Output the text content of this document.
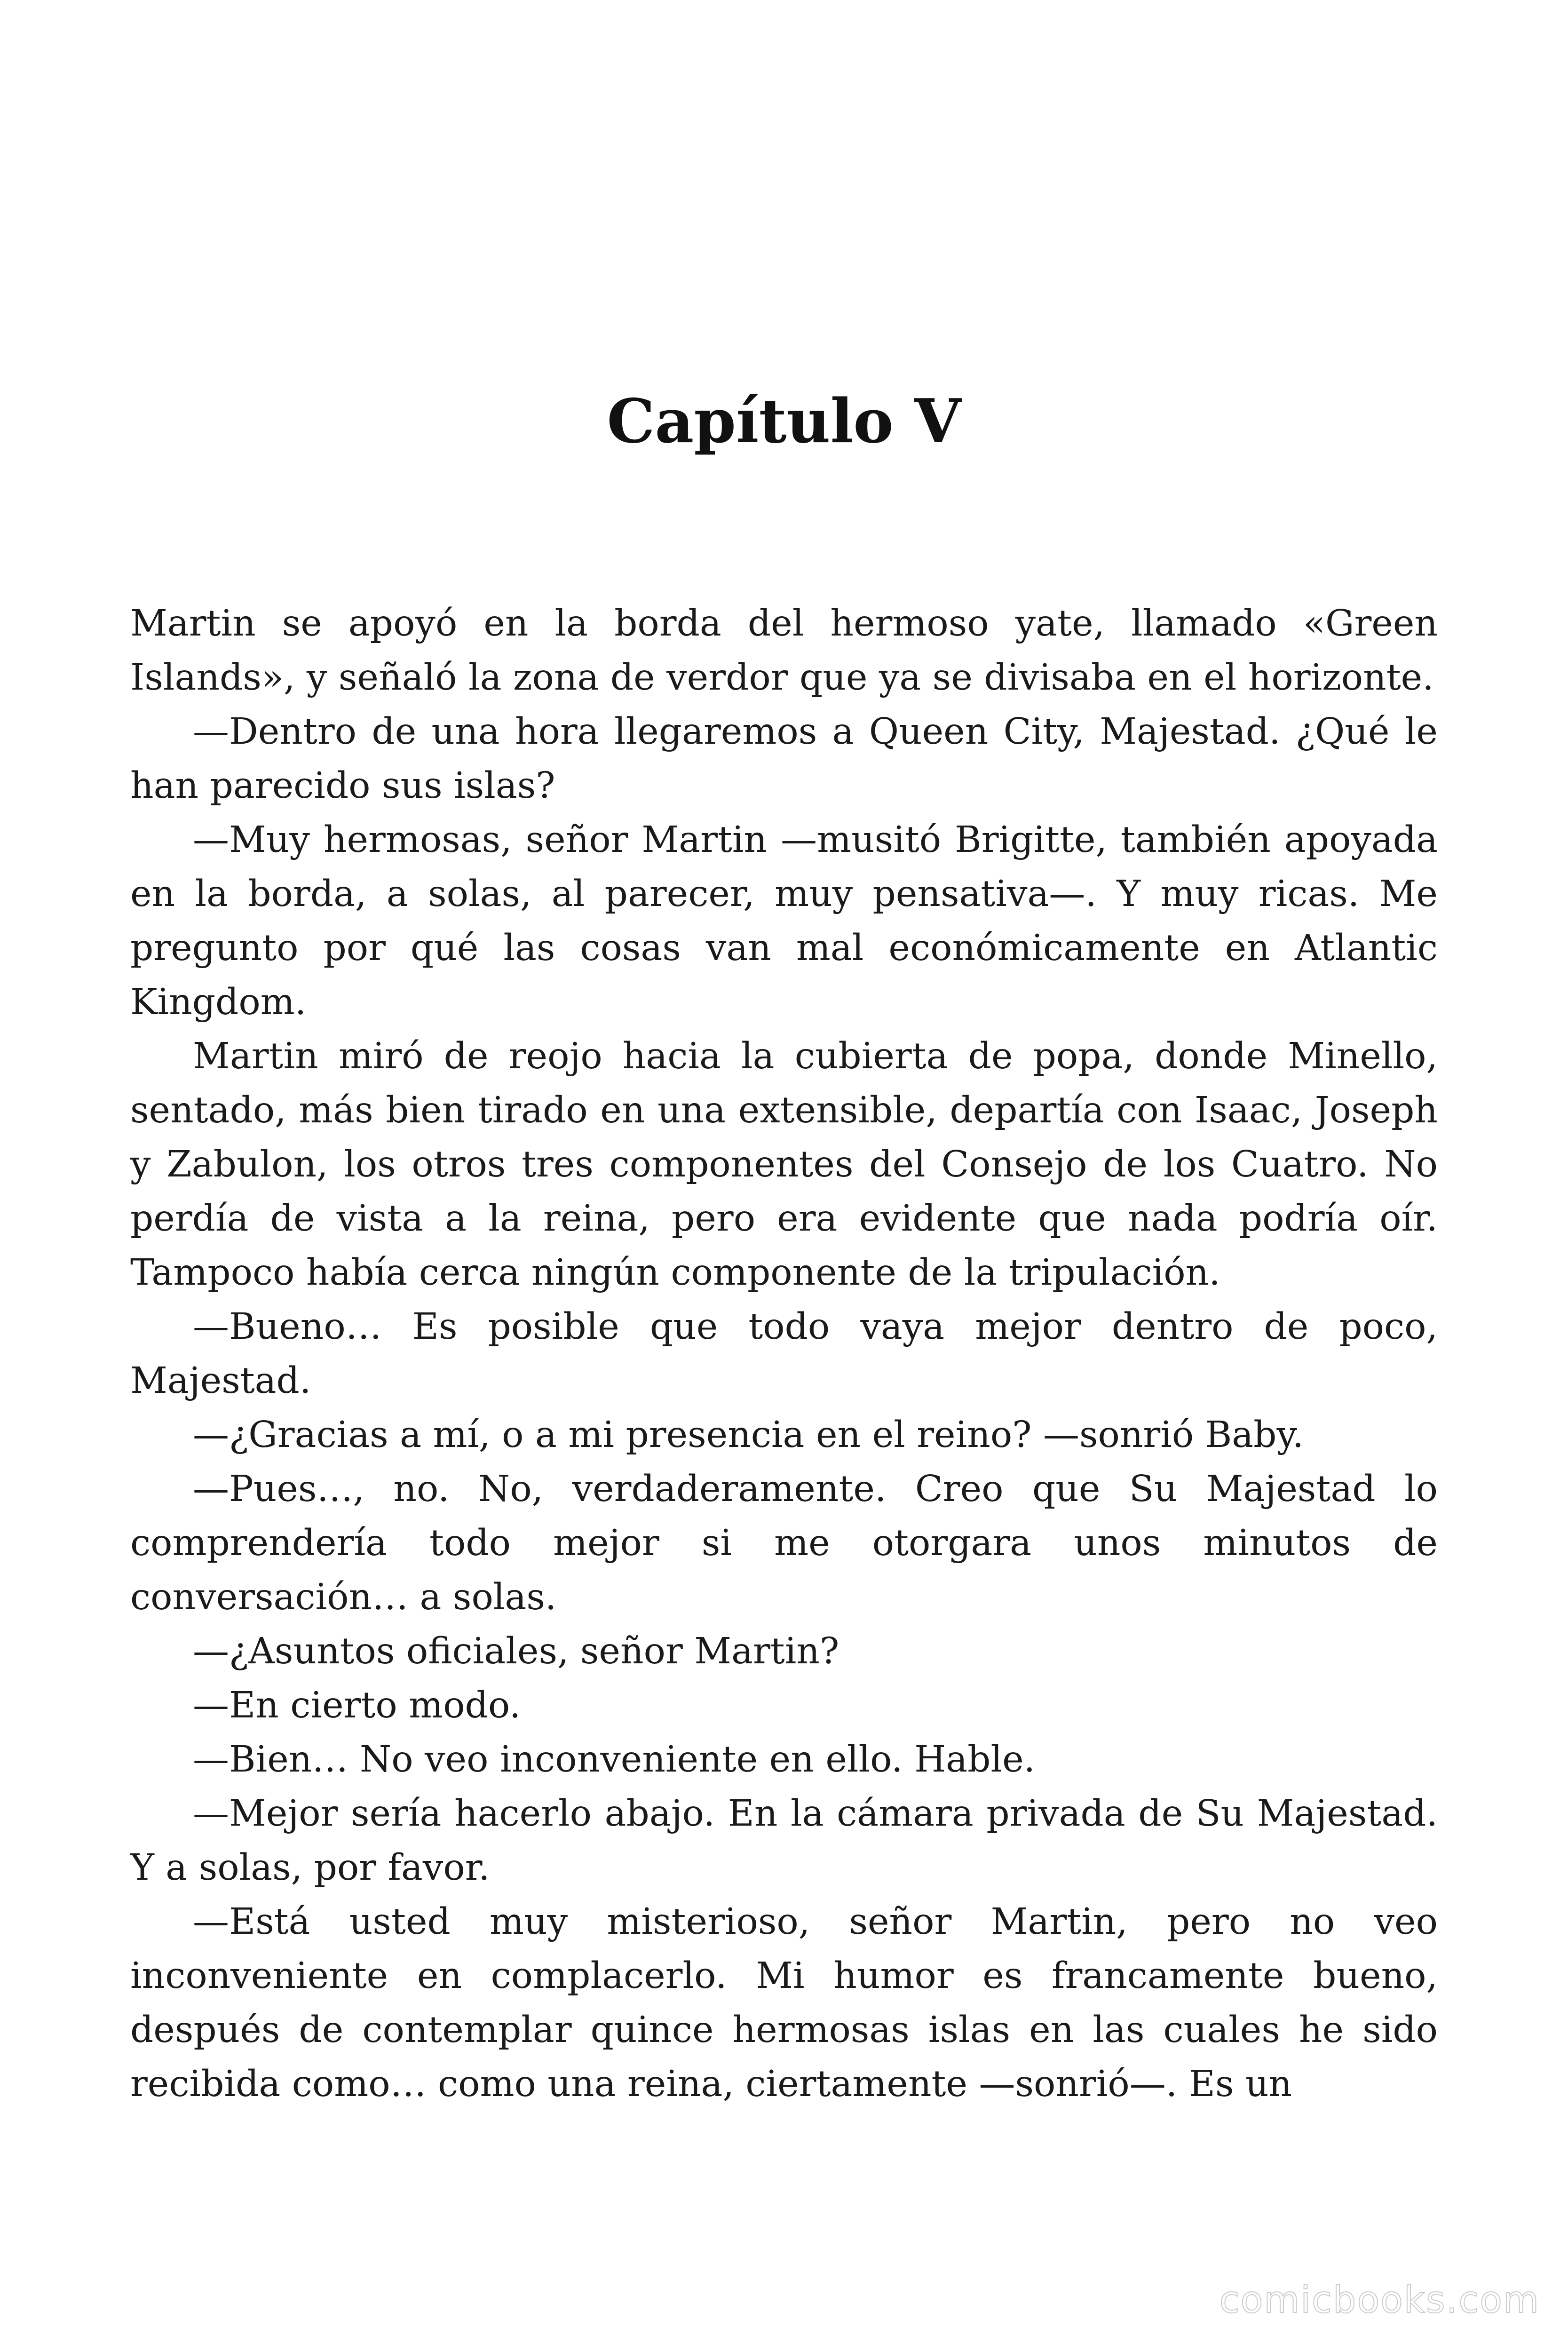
Capítulo V

Martin se apoyó en la borda del hermoso yate, llamado «Green Islands», y señaló la zona de verdor que ya se divisaba en el horizonte.

—Dentro de una hora llegaremos a Queen City, Majestad. ¿Qué le han parecido sus islas?

—Muy hermosas, señor Martin —musitó Brigitte, también apoyada en la borda, a solas, al parecer, muy pensativa—. Y muy ricas. Me pregunto por qué las cosas van mal económicamente en Atlantic Kingdom.

Martin miró de reojo hacia la cubierta de popa, donde Minello, sentado, más bien tirado en una extensible, departía con Isaac, Joseph y Zabulon, los otros tres componentes del Consejo de los Cuatro. No perdía de vista a la reina, pero era evidente que nada podría oír. Tampoco había cerca ningún componente de la tripulación.

—Bueno… Es posible que todo vaya mejor dentro de poco, Majestad.

—¿Gracias a mí, o a mi presencia en el reino? —sonrió Baby.

—Pues…, no. No, verdaderamente. Creo que Su Majestad lo comprendería todo mejor si me otorgara unos minutos de conversación… a solas.

—¿Asuntos oficiales, señor Martin?

—En cierto modo.

—Bien… No veo inconveniente en ello. Hable.

—Mejor sería hacerlo abajo. En la cámara privada de Su Majestad. Y a solas, por favor.

—Está usted muy misterioso, señor Martin, pero no veo inconveniente en complacerlo. Mi humor es francamente bueno, después de contemplar quince hermosas islas en las cuales he sido recibida como… como una reina, ciertamente —sonrió—. Es un

comicbooks.com
